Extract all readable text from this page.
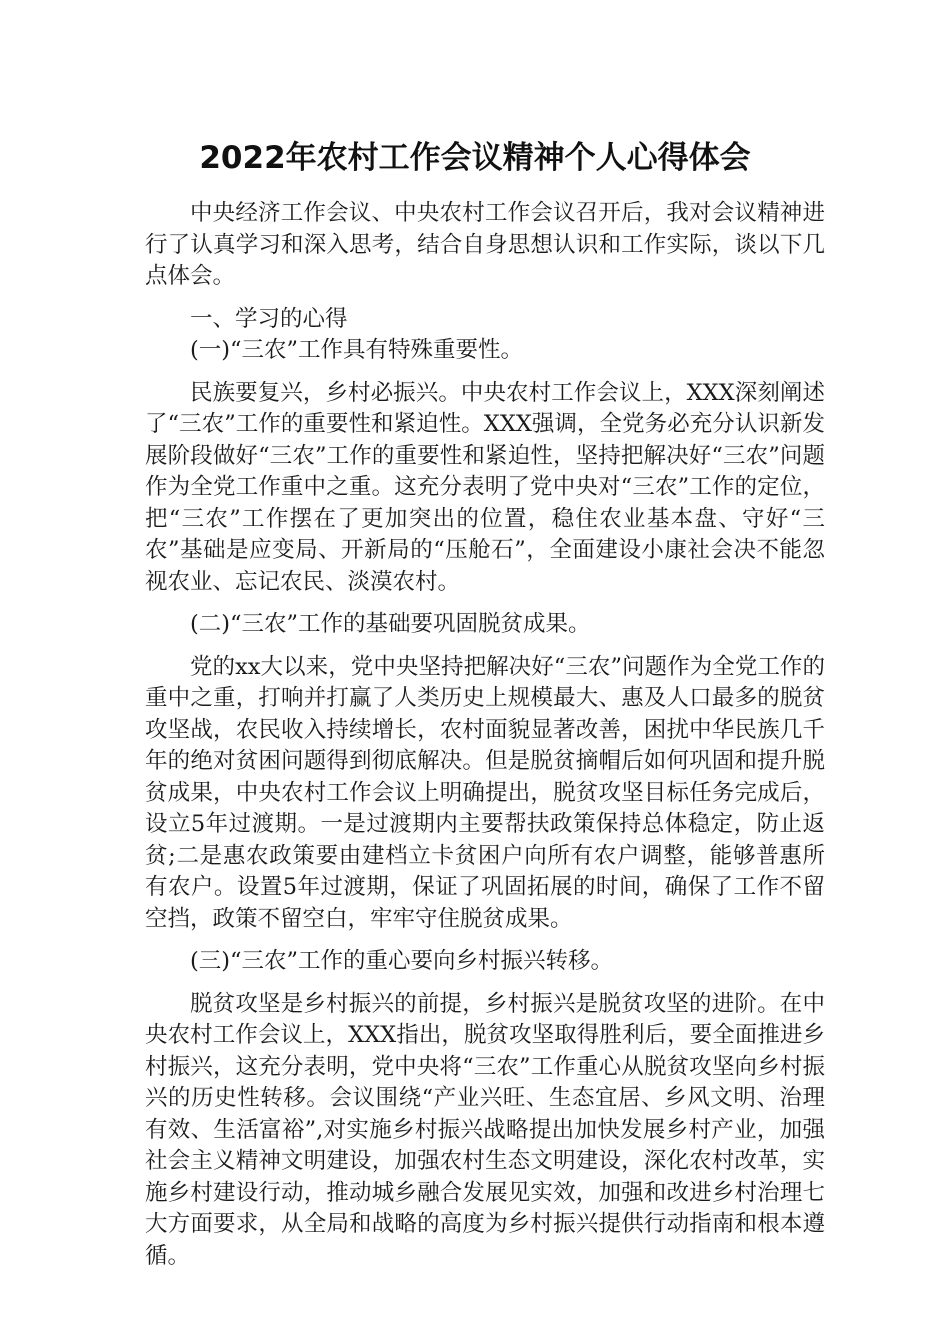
2022年农村工作会议精神个人心得体会

中央经济工作会议、中央农村工作会议召开后，我对会议精神进行了认真学习和深入思考，结合自身思想认识和工作实际，谈以下几点体会。

一、学习的心得

(一)“三农”工作具有特殊重要性。

民族要复兴，乡村必振兴。中央农村工作会议上，XXX深刻阐述了“三农”工作的重要性和紧迫性。XXX强调，全党务必充分认识新发展阶段做好“三农”工作的重要性和紧迫性，坚持把解决好“三农”问题作为全党工作重中之重。这充分表明了党中央对“三农”工作的定位，把“三农”工作摆在了更加突出的位置，稳住农业基本盘、守好“三农”基础是应变局、开新局的“压舱石”，全面建设小康社会决不能忽视农业、忘记农民、淡漠农村。

(二)“三农”工作的基础要巩固脱贫成果。

党的xx大以来，党中央坚持把解决好“三农”问题作为全党工作的重中之重，打响并打赢了人类历史上规模最大、惠及人口最多的脱贫攻坚战，农民收入持续增长，农村面貌显著改善，困扰中华民族几千年的绝对贫困问题得到彻底解决。但是脱贫摘帽后如何巩固和提升脱贫成果，中央农村工作会议上明确提出，脱贫攻坚目标任务完成后，设立5年过渡期。一是过渡期内主要帮扶政策保持总体稳定，防止返贫;二是惠农政策要由建档立卡贫困户向所有农户调整，能够普惠所有农户。设置5年过渡期，保证了巩固拓展的时间，确保了工作不留空挡，政策不留空白，牢牢守住脱贫成果。

(三)“三农”工作的重心要向乡村振兴转移。

脱贫攻坚是乡村振兴的前提，乡村振兴是脱贫攻坚的进阶。在中央农村工作会议上，XXX指出，脱贫攻坚取得胜利后，要全面推进乡村振兴，这充分表明，党中央将“三农”工作重心从脱贫攻坚向乡村振兴的历史性转移。会议围绕“产业兴旺、生态宜居、乡风文明、治理有效、生活富裕”,对实施乡村振兴战略提出加快发展乡村产业，加强社会主义精神文明建设，加强农村生态文明建设，深化农村改革，实施乡村建设行动，推动城乡融合发展见实效，加强和改进乡村治理七大方面要求，从全局和战略的高度为乡村振兴提供行动指南和根本遵循。
